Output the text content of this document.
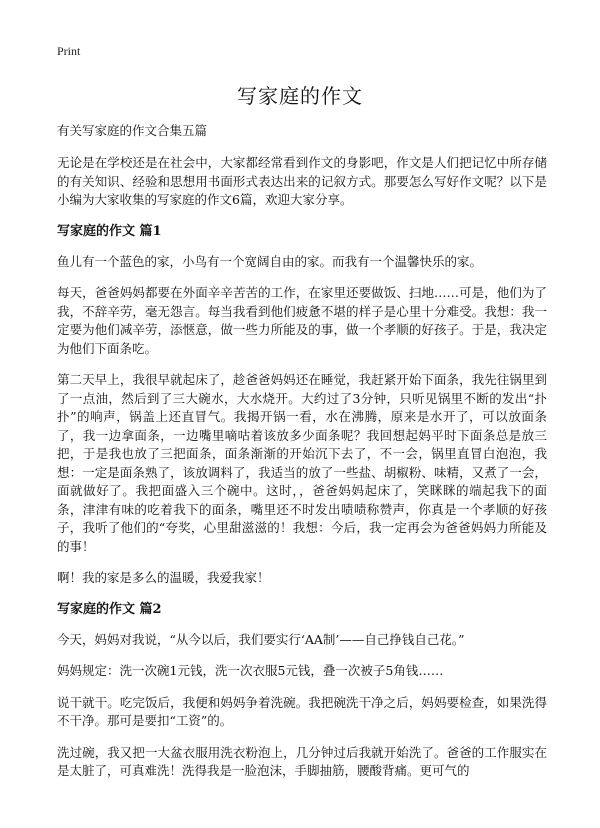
Print
写家庭的作文
有关写家庭的作文合集五篇

无论是在学校还是在社会中，大家都经常看到作文的身影吧，作文是人们把记忆中所存储的有关知识、经验和思想用书面形式表达出来的记叙方式。那要怎么写好作文呢？以下是小编为大家收集的写家庭的作文6篇，欢迎大家分享。

写家庭的作文 篇1

鱼儿有一个蓝色的家，小鸟有一个宽阔自由的家。而我有一个温馨快乐的家。

每天，爸爸妈妈都要在外面辛辛苦苦的工作，在家里还要做饭、扫地……可是，他们为了我，不辞辛劳，毫无怨言。每当我看到他们疲惫不堪的样子是心里十分难受。我想：我一定要为他们减辛劳，添惬意，做一些力所能及的事，做一个孝顺的好孩子。于是，我决定为他们下面条吃。

第二天早上，我很早就起床了，趁爸爸妈妈还在睡觉，我赶紧开始下面条，我先往锅里到了一点油，然后到了三大碗水，大水烧开。大约过了3分钟，只听见锅里不断的发出“扑扑”的响声，锅盖上还直冒气。我揭开锅一看，水在沸腾，原来是水开了，可以放面条了，我一边拿面条，一边嘴里嘀咕着该放多少面条呢？我回想起妈平时下面条总是放三把，于是我也放了三把面条，面条渐渐的开始沉下去了，不一会，锅里直冒白泡泡，我想：一定是面条熟了，该放调料了，我适当的放了一些盐、胡椒粉、味精，又煮了一会，面就做好了。我把面盛入三个碗中。这时，，爸爸妈妈起床了，笑眯眯的端起我下的面条，津津有味的吃着我下的面条，嘴里还不时发出啧啧称赞声，你真是一个孝顺的好孩子，我听了他们的“夸奖，心里甜滋滋的！我想：今后，我一定再会为爸爸妈妈力所能及的事！

啊！我的家是多么的温暖，我爱我家！

写家庭的作文 篇2

今天，妈妈对我说，“从今以后，我们要实行‘AA制’——自己挣钱自己花。”

妈妈规定：洗一次碗1元钱，洗一次衣服5元钱，叠一次被子5角钱……

说干就干。吃完饭后，我便和妈妈争着洗碗。我把碗洗干净之后，妈妈要检查，如果洗得不干净。那可是要扣“工资”的。

洗过碗，我又把一大盆衣服用洗衣粉泡上，几分钟过后我就开始洗了。爸爸的工作服实在是太脏了，可真难洗！洗得我是一脸泡沫，手脚抽筋，腰酸背痛。更可气的
